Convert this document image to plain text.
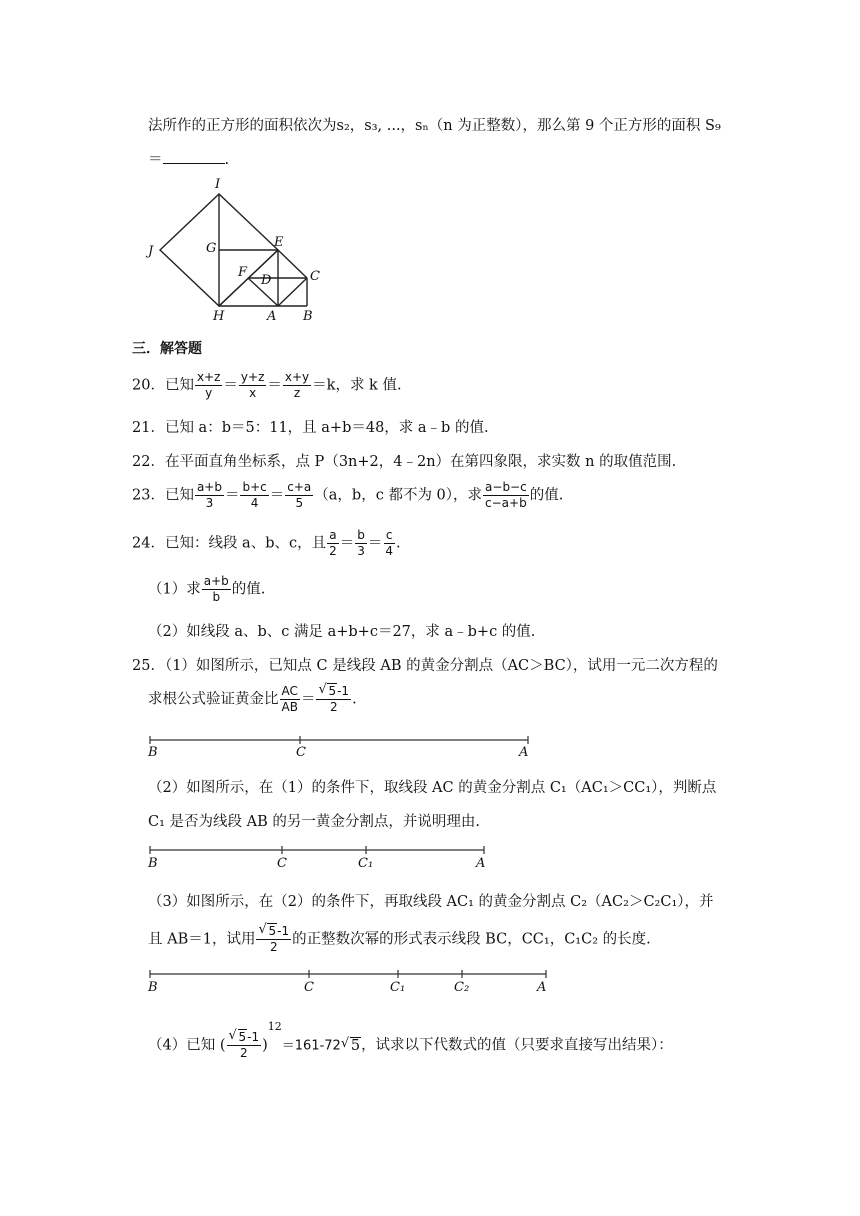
法所作的正方形的面积依次为s₂，s₃, ...，sₙ（n 为正整数），那么第 9 个正方形的面积 S₉
＝	.
I
J	G	E
F
D	C
H	A B
三．解答题
20．已知 $\frac{x+z}{y} = \frac{y+z}{x} = \frac{x+y}{z} =k$，求 k 值.
21．已知 a：b＝5：11，且 a+b＝48，求 a﹣b 的值.
22．在平面直角坐标系，点 P（3n+2，4﹣2n）在第四象限，求实数 n 的取值范围.
23．已知 $\frac{a+b}{3} = \frac{b+c}{4} = \frac{c+a}{5} (a$，b，c 都不为 0），求 $\frac{a-b-c}{c-a+b}$ 的值.
24．已知：线段 a、b、c，且 $\frac{a}{2} = \frac{b}{3} = \frac{c}{4}$ .
（1）求 $\frac{a+b}{b}$ 的值.
（2）如线段 a、b、c 满足 a+b+c＝27，求 a﹣b+c 的值.
25．（1）如图所示，已知点 C 是线段 AB 的黄金分割点（AC＞BC），试用一元二次方程的
求根公式验证黄金比 $\frac{AC}{AB}$ ＝
√ $\frac{5-1}{2}$ .
B	C	A
（2）如图所示，在（1）的条件下，取线段 AC 的黄金分割点 C₁（AC₁＞CC₁），判断点
C₁ 是否为线段 AB 的另一黄金分割点，并说明理由.
B	C	C₁	A
（3）如图所示，在（2）的条件下，再取线段 AC₁ 的黄金分割点 C₂（AC₂＞C₂C₁），并
且 AB＝1，试用
√ $\frac{5-1}{2}$ 的正整数次幂的形式表示线段 BC，CC₁，C₁C₂ 的长度.
B	C	C₁	C₂	A
（4）已知 (
√ $\frac{5-1}{2} )^{12}=161-72√$ 5，试求以下代数式的值（只要求直接写出结果）：
